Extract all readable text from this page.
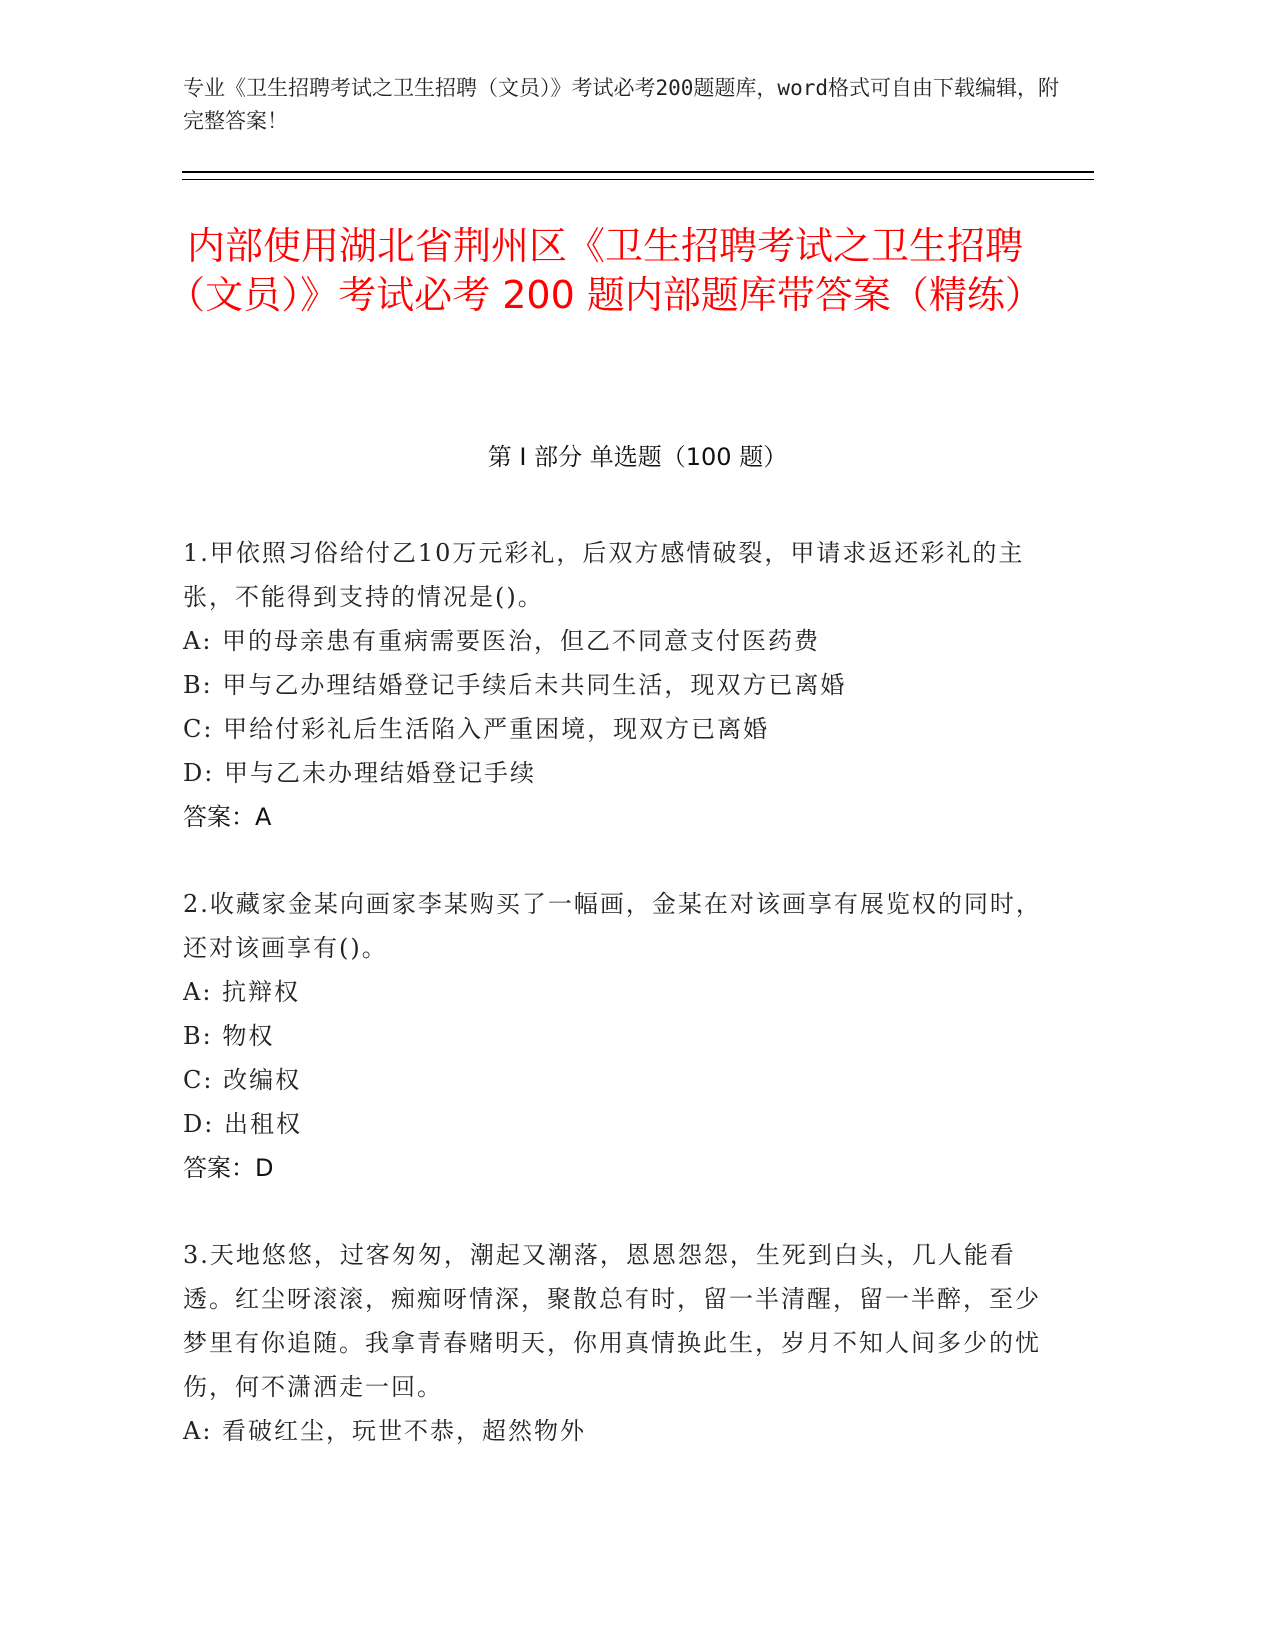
专业《卫生招聘考试之卫生招聘（文员）》考试必考200题题库，word格式可自由下载编辑，附完整答案！
内部使用湖北省荆州区《卫生招聘考试之卫生招聘（文员）》考试必考 200 题内部题库带答案（精练）
第 I 部分 单选题（100 题）
1.甲依照习俗给付乙10万元彩礼，后双方感情破裂，甲请求返还彩礼的主张，不能得到支持的情况是()。
A: 甲的母亲患有重病需要医治，但乙不同意支付医药费
B: 甲与乙办理结婚登记手续后未共同生活，现双方已离婚
C: 甲给付彩礼后生活陷入严重困境，现双方已离婚
D: 甲与乙未办理结婚登记手续
答案：A
2.收藏家金某向画家李某购买了一幅画，金某在对该画享有展览权的同时，还对该画享有()。
A: 抗辩权
B: 物权
C: 改编权
D: 出租权
答案：D
3.天地悠悠，过客匆匆，潮起又潮落，恩恩怨怨，生死到白头，几人能看透。红尘呀滚滚，痴痴呀情深，聚散总有时，留一半清醒，留一半醉，至少梦里有你追随。我拿青春赌明天，你用真情换此生，岁月不知人间多少的忧伤，何不潇洒走一回。
A: 看破红尘，玩世不恭，超然物外
